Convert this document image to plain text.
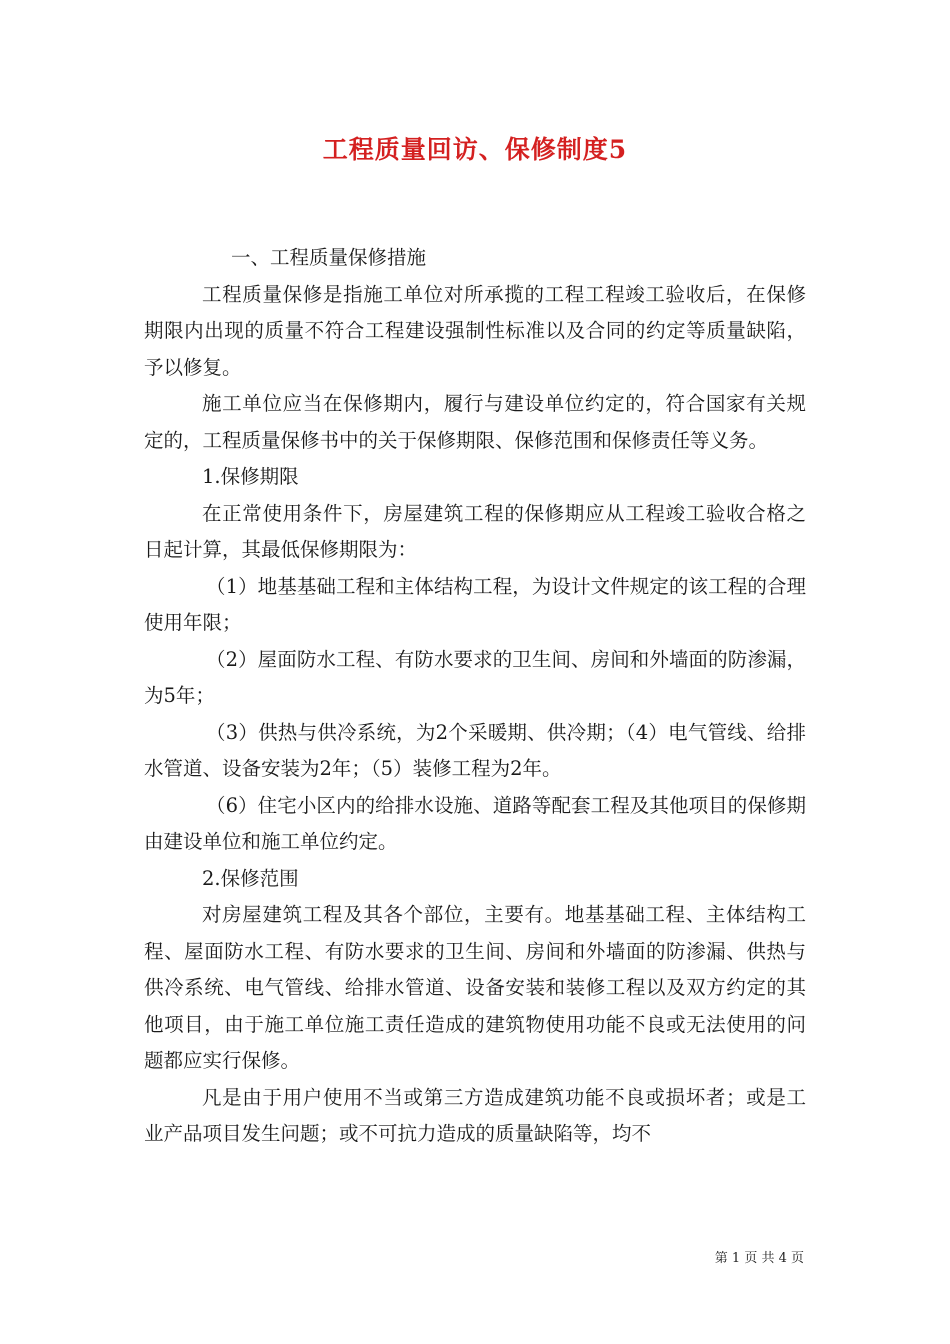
工程质量回访、保修制度5

一、工程质量保修措施

工程质量保修是指施工单位对所承揽的工程工程竣工验收后，在保修期限内出现的质量不符合工程建设强制性标准以及合同的约定等质量缺陷，予以修复。

施工单位应当在保修期内，履行与建设单位约定的，符合国家有关规定的，工程质量保修书中的关于保修期限、保修范围和保修责任等义务。

1.保修期限

在正常使用条件下，房屋建筑工程的保修期应从工程竣工验收合格之日起计算，其最低保修期限为：

（1）地基基础工程和主体结构工程，为设计文件规定的该工程的合理使用年限；

（2）屋面防水工程、有防水要求的卫生间、房间和外墙面的防渗漏，为5年；

（3）供热与供冷系统，为2个采暖期、供冷期；（4）电气管线、给排水管道、设备安装为2年；（5）装修工程为2年。

（6）住宅小区内的给排水设施、道路等配套工程及其他项目的保修期由建设单位和施工单位约定。

2.保修范围

对房屋建筑工程及其各个部位，主要有。地基基础工程、主体结构工程、屋面防水工程、有防水要求的卫生间、房间和外墙面的防渗漏、供热与供冷系统、电气管线、给排水管道、设备安装和装修工程以及双方约定的其他项目，由于施工单位施工责任造成的建筑物使用功能不良或无法使用的问题都应实行保修。

凡是由于用户使用不当或第三方造成建筑功能不良或损坏者；或是工业产品项目发生问题；或不可抗力造成的质量缺陷等，均不

第 1 页 共 4 页
